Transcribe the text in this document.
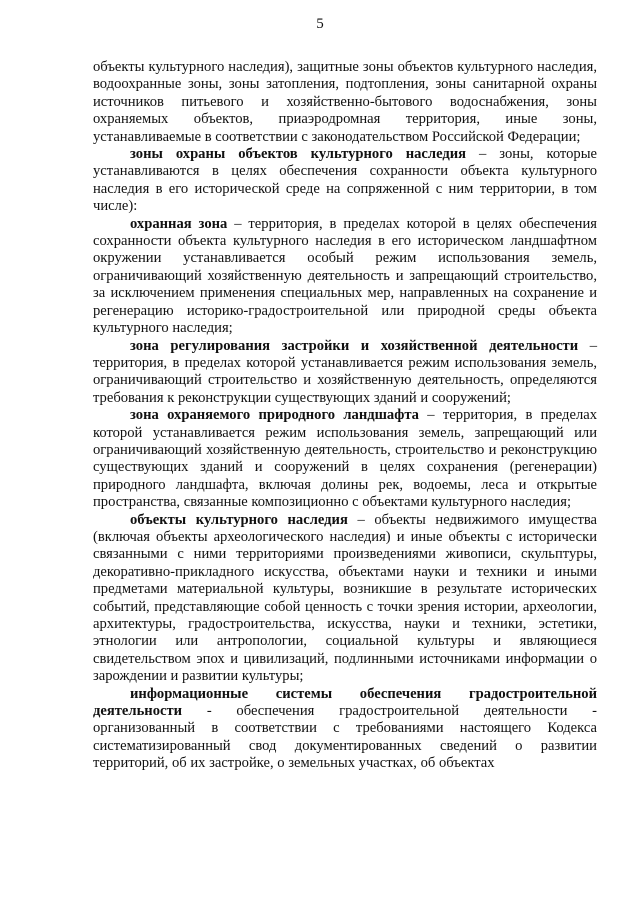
5

объекты культурного наследия), защитные зоны объектов культурного наследия, водоохранные зоны, зоны затопления, подтопления, зоны санитарной охраны источников питьевого и хозяйственно-бытового водоснабжения, зоны охраняемых объектов, приаэродромная территория, иные зоны, устанавливаемые в соответствии с законодательством Российской Федерации;

зоны охраны объектов культурного наследия – зоны, которые устанавливаются в целях обеспечения сохранности объекта культурного наследия в его исторической среде на сопряженной с ним территории, в том числе):

охранная зона – территория, в пределах которой в целях обеспечения сохранности объекта культурного наследия в его историческом ландшафтном окружении устанавливается особый режим использования земель, ограничивающий хозяйственную деятельность и запрещающий строительство, за исключением применения специальных мер, направленных на сохранение и регенерацию историко-градостроительной или природной среды объекта культурного наследия;

зона регулирования застройки и хозяйственной деятельности – территория, в пределах которой устанавливается режим использования земель, ограничивающий строительство и хозяйственную деятельность, определяются требования к реконструкции существующих зданий и сооружений;

зона охраняемого природного ландшафта – территория, в пределах которой устанавливается режим использования земель, запрещающий или ограничивающий хозяйственную деятельность, строительство и реконструкцию существующих зданий и сооружений в целях сохранения (регенерации) природного ландшафта, включая долины рек, водоемы, леса и открытые пространства, связанные композиционно с объектами культурного наследия;

объекты культурного наследия – объекты недвижимого имущества (включая объекты археологического наследия) и иные объекты с исторически связанными с ними территориями произведениями живописи, скульптуры, декоративно-прикладного искусства, объектами науки и техники и иными предметами материальной культуры, возникшие в результате исторических событий, представляющие собой ценность с точки зрения истории, археологии, архитектуры, градостроительства, искусства, науки и техники, эстетики, этнологии или антропологии, социальной культуры и являющиеся свидетельством эпох и цивилизаций, подлинными источниками информации о зарождении и развитии культуры;

информационные системы обеспечения градостроительной деятельности - обеспечения градостроительной деятельности - организованный в соответствии с требованиями настоящего Кодекса систематизированный свод документированных сведений о развитии территорий, об их застройке, о земельных участках, об объектах
